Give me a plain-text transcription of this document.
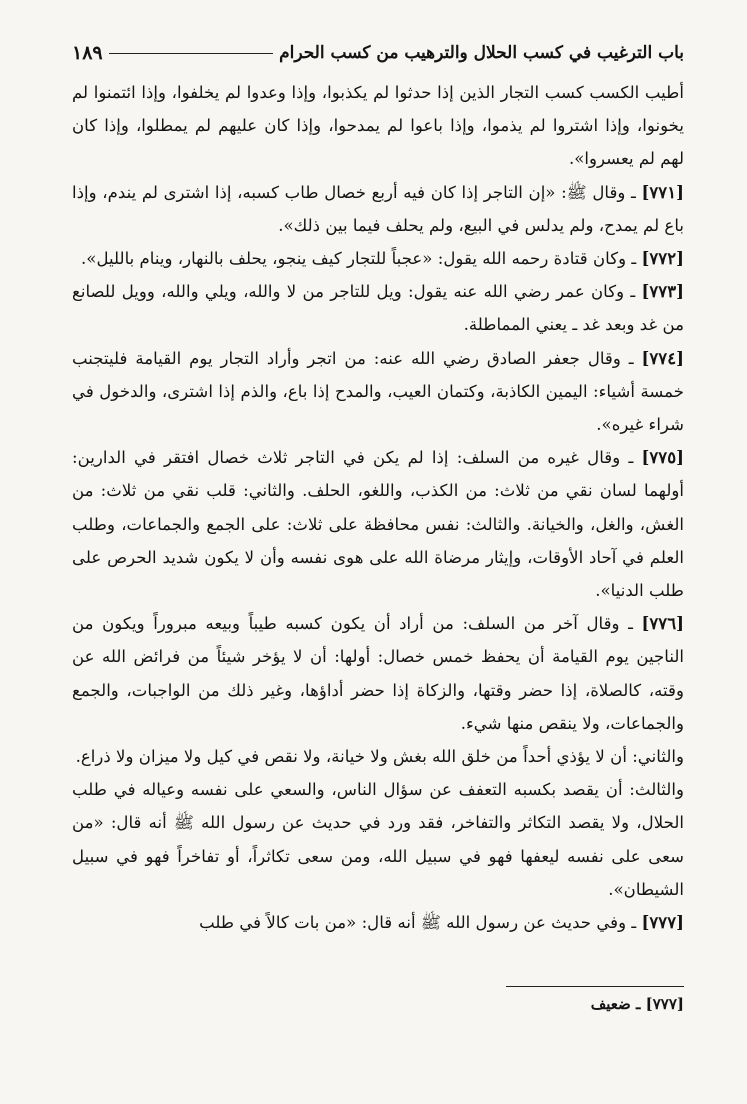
باب الترغيب في كسب الحلال والترهيب من كسب الحرام
١٨٩

أطيب الكسب كسب التجار الذين إذا حدثوا لم يكذبوا، وإذا وعدوا لم يخلفوا، وإذا ائتمنوا لم يخونوا، وإذا اشتروا لم يذموا، وإذا باعوا لم يمدحوا، وإذا كان عليهم لم يمطلوا، وإذا كان لهم لم يعسروا».

[٧٧١] ـ وقال ﷺ: «إن التاجر إذا كان فيه أربع خصال طاب كسبه، إذا اشترى لم يندم، وإذا باع لم يمدح، ولم يدلس في البيع، ولم يحلف فيما بين ذلك».

[٧٧٢] ـ وكان قتادة رحمه الله يقول: «عجباً للتجار كيف ينجو، يحلف بالنهار، وينام بالليل».

[٧٧٣] ـ وكان عمر رضي الله عنه يقول: ويل للتاجر من لا والله، ويلي والله، وويل للصانع من غد وبعد غد ـ يعني المماطلة.

[٧٧٤] ـ وقال جعفر الصادق رضي الله عنه: من اتجر وأراد التجار يوم القيامة فليتجنب خمسة أشياء: اليمين الكاذبة، وكتمان العيب، والمدح إذا باع، والذم إذا اشترى، والدخول في شراء غيره».

[٧٧٥] ـ وقال غيره من السلف: إذا لم يكن في التاجر ثلاث خصال افتقر في الدارين: أولهما لسان نقي من ثلاث: من الكذب، واللغو، الحلف. والثاني: قلب نقي من ثلاث: من الغش، والغل، والخيانة. والثالث: نفس محافظة على ثلاث: على الجمع والجماعات، وطلب العلم في آحاد الأوقات، وإيثار مرضاة الله على هوى نفسه وأن لا يكون شديد الحرص على طلب الدنيا».

[٧٧٦] ـ وقال آخر من السلف: من أراد أن يكون كسبه طيباً وبيعه مبروراً ويكون من الناجين يوم القيامة أن يحفظ خمس خصال: أولها: أن لا يؤخر شيئاً من فرائض الله عن وقته، كالصلاة، إذا حضر وقتها، والزكاة إذا حضر أداؤها، وغير ذلك من الواجبات، والجمع والجماعات، ولا ينقص منها شيء.

والثاني: أن لا يؤذي أحداً من خلق الله بغش ولا خيانة، ولا نقص في كيل ولا ميزان ولا ذراع.

والثالث: أن يقصد بكسبه التعفف عن سؤال الناس، والسعي على نفسه وعياله في طلب الحلال، ولا يقصد التكاثر والتفاخر، فقد ورد في حديث عن رسول الله ﷺ أنه قال: «من سعى على نفسه ليعفها فهو في سبيل الله، ومن سعى تكاثراً، أو تفاخراً فهو في سبيل الشيطان».

[٧٧٧] ـ وفي حديث عن رسول الله ﷺ أنه قال: «من بات كالاً في طلب

[٧٧٧] ـ ضعيف
